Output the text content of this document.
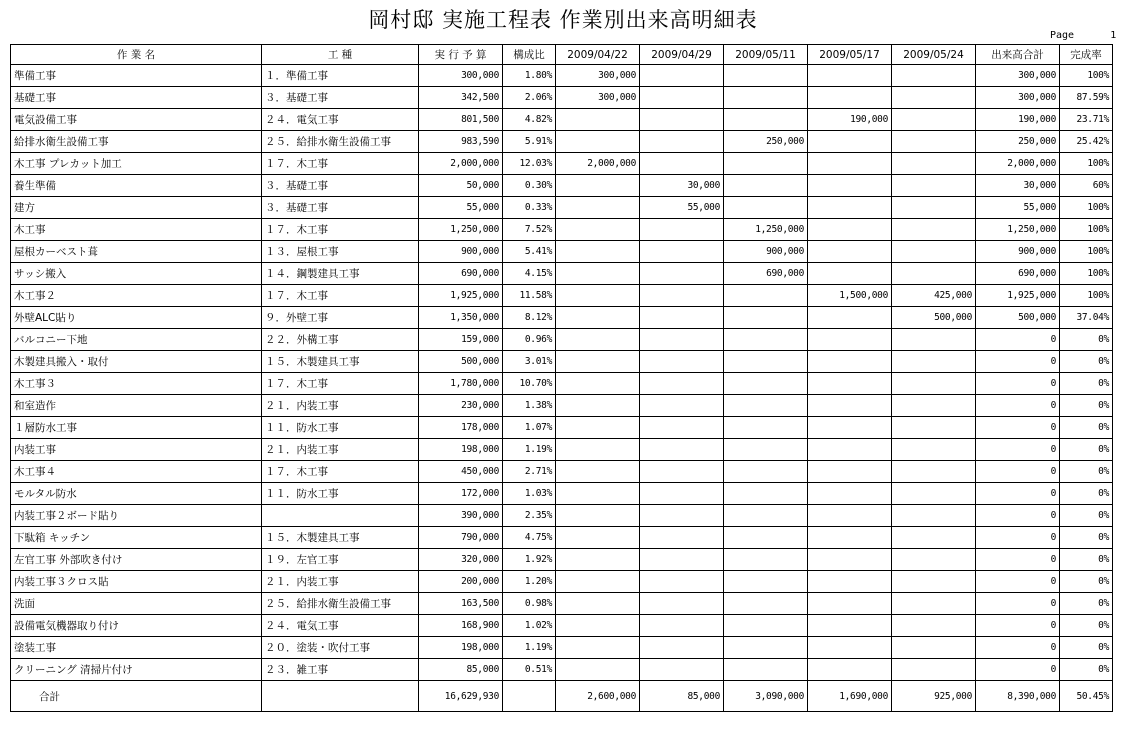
岡村邸 実施工程表 作業別出来高明細表
Page	1
作 業 名	工 種	実 行 予 算	構成比	2009/04/22	2009/04/29	2009/05/11	2009/05/17	2009/05/24	出来高合計	完成率
準備工事	１．準備工事	300,000	1.80%	300,000					300,000	100%
基礎工事	３．基礎工事	342,500	2.06%	300,000					300,000	87.59%
電気設備工事	２４．電気工事	801,500	4.82%				190,000		190,000	23.71%
給排水衛生設備工事	２５．給排水衛生設備工事	983,590	5.91%			250,000			250,000	25.42%
木工事 プレカット加工	１７．木工事	2,000,000	12.03%	2,000,000					2,000,000	100%
養生準備	３．基礎工事	50,000	0.30%		30,000				30,000	60%
建方	３．基礎工事	55,000	0.33%		55,000				55,000	100%
木工事	１７．木工事	1,250,000	7.52%			1,250,000			1,250,000	100%
屋根カーベスト葺	１３．屋根工事	900,000	5.41%			900,000			900,000	100%
サッシ搬入	１４．鋼製建具工事	690,000	4.15%			690,000			690,000	100%
木工事２	１７．木工事	1,925,000	11.58%				1,500,000	425,000	1,925,000	100%
外壁ALC貼り	９．外壁工事	1,350,000	8.12%					500,000	500,000	37.04%
バルコニー下地	２２．外構工事	159,000	0.96%						0	0%
木製建具搬入・取付	１５．木製建具工事	500,000	3.01%						0	0%
木工事３	１７．木工事	1,780,000	10.70%						0	0%
和室造作	２１．内装工事	230,000	1.38%						0	0%
１層防水工事	１１．防水工事	178,000	1.07%						0	0%
内装工事	２１．内装工事	198,000	1.19%						0	0%
木工事４	１７．木工事	450,000	2.71%						0	0%
モルタル防水	１１．防水工事	172,000	1.03%						0	0%
内装工事２ボード貼り		390,000	2.35%						0	0%
下駄箱 キッチン	１５．木製建具工事	790,000	4.75%						0	0%
左官工事 外部吹き付け	１９．左官工事	320,000	1.92%						0	0%
内装工事３クロス貼	２１．内装工事	200,000	1.20%						0	0%
洗面	２５．給排水衛生設備工事	163,500	0.98%						0	0%
設備電気機器取り付け	２４．電気工事	168,900	1.02%						0	0%
塗装工事	２０．塗装・吹付工事	198,000	1.19%						0	0%
クリーニング 清掃片付け	２３．雑工事	85,000	0.51%						0	0%
合計		16,629,930		2,600,000	85,000	3,090,000	1,690,000	925,000	8,390,000	50.45%
